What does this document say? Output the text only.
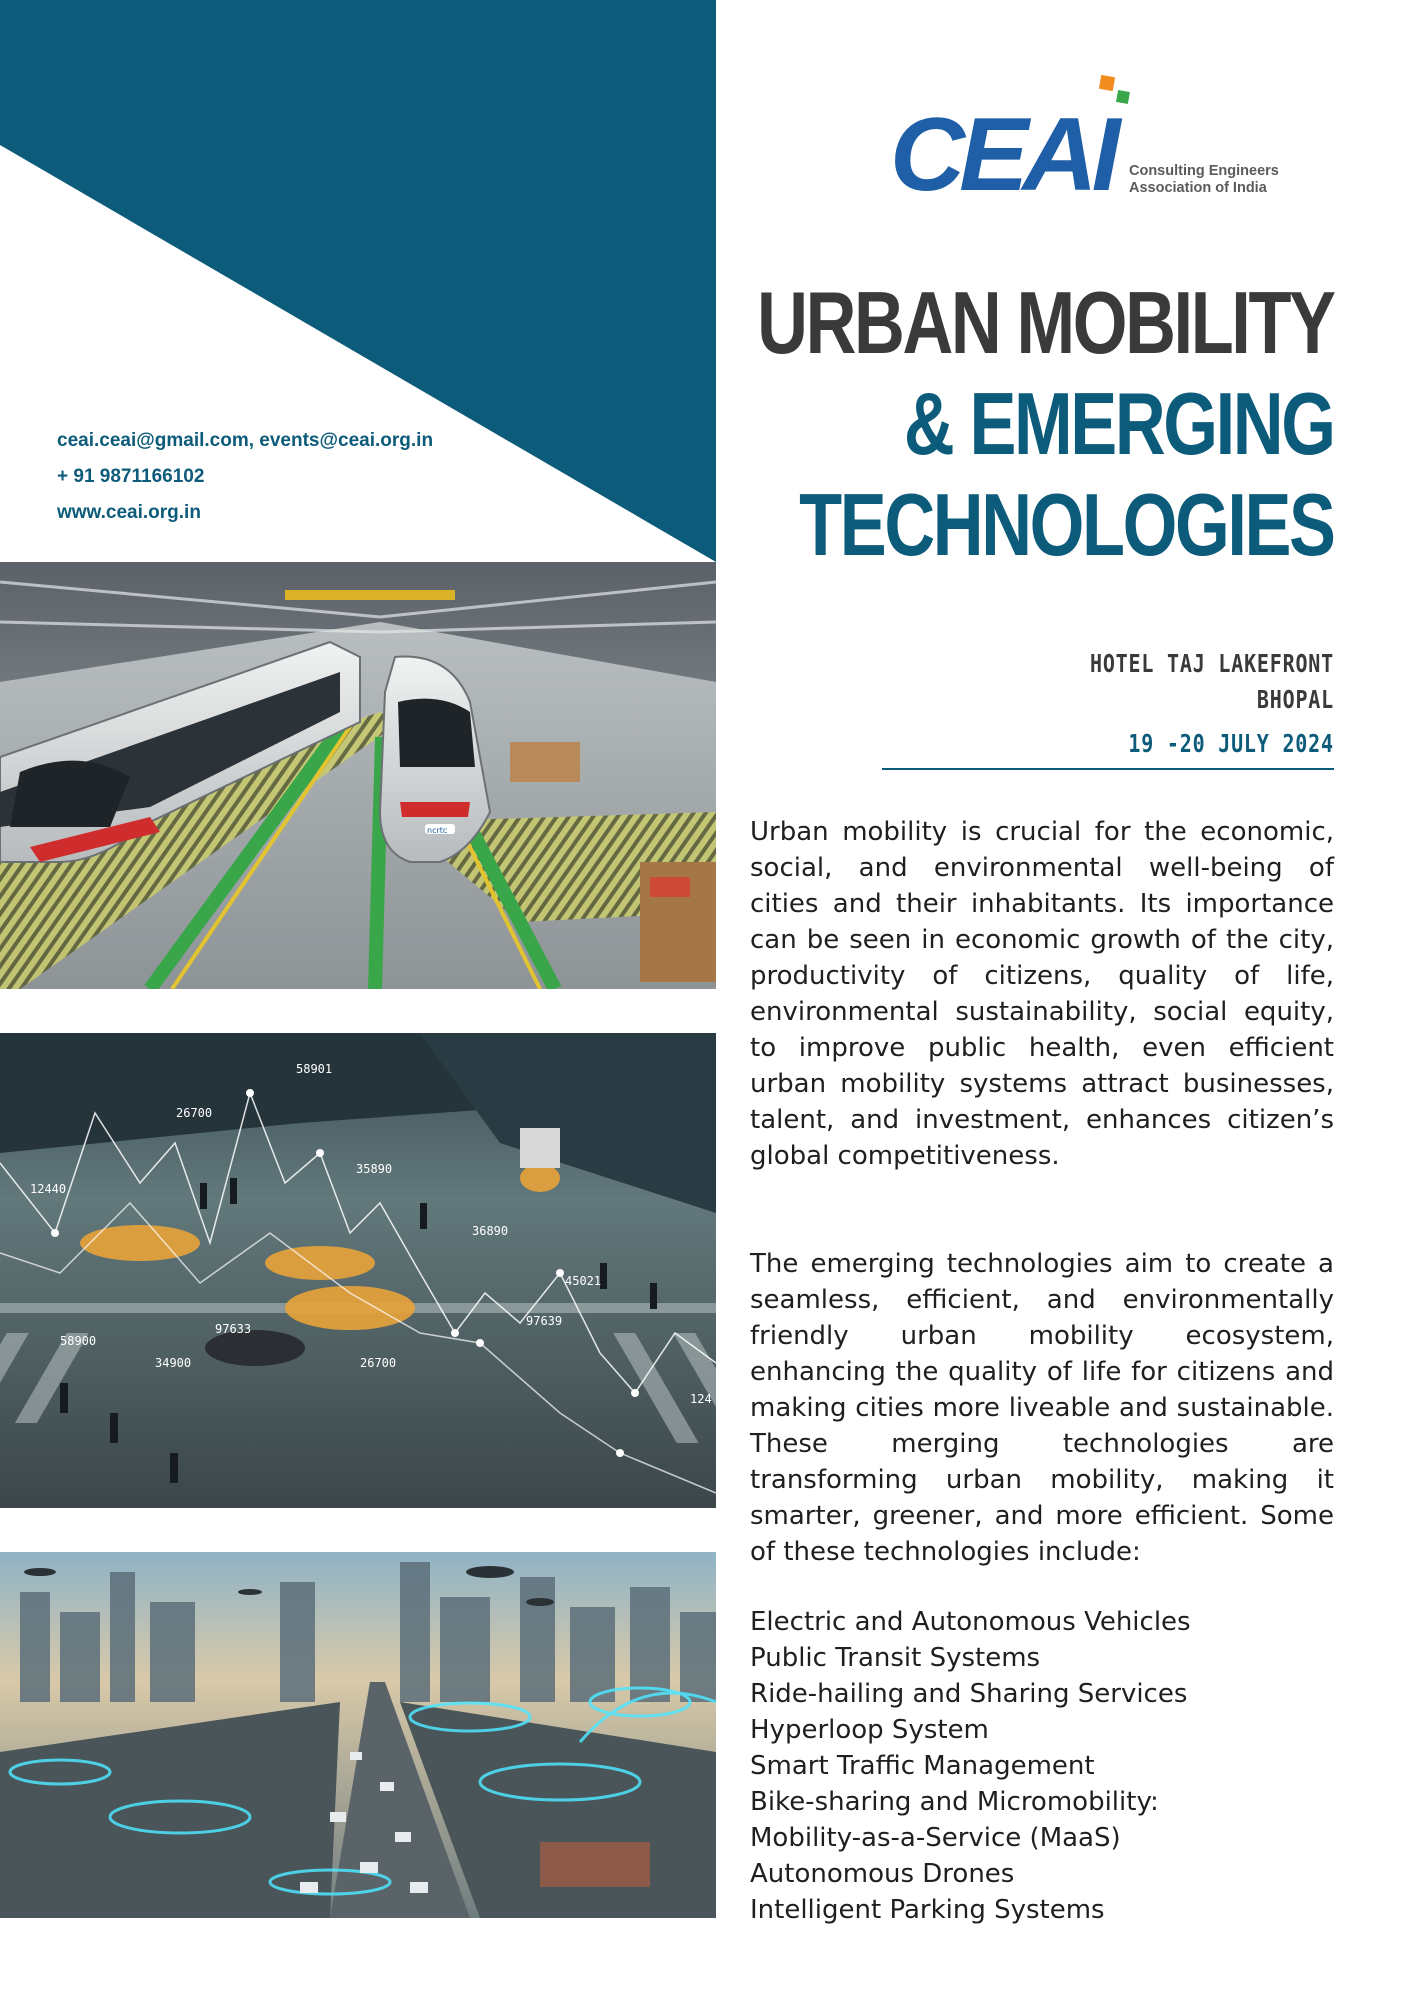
ceai.ceai@gmail.com, events@ceai.org.in
+ 91 9871166102
www.ceai.org.in
ncrtc
58901
26700
12440
35890
36890
45021
97633
97639
58900
34900	26700
124
CEAI	Consulting Engineers
Association of India
URBAN MOBILITY
& EMERGING
TECHNOLOGIES
HOTEL TAJ LAKEFRONT
BHOPAL
19 -20 JULY 2024

Urban mobility is crucial for the economic, social, and environmental well-being of cities and their inhabitants. Its importance can be seen in economic growth of the city, productivity of citizens, quality of life, environmental sustainability, social equity, to improve public health, even efficient urban mobility systems attract businesses, talent, and investment, enhances citizen’s global competitiveness.

The emerging technologies aim to create a seamless, efficient, and environmentally friendly urban mobility ecosystem, enhancing the quality of life for citizens and making cities more liveable and sustainable. These merging technologies are transforming urban mobility, making it smarter, greener, and more efficient. Some of these technologies include:

Electric and Autonomous Vehicles
Public Transit Systems
Ride-hailing and Sharing Services
Hyperloop System
Smart Traffic Management
Bike-sharing and Micromobility:
Mobility-as-a-Service (MaaS)
Autonomous Drones
Intelligent Parking Systems
